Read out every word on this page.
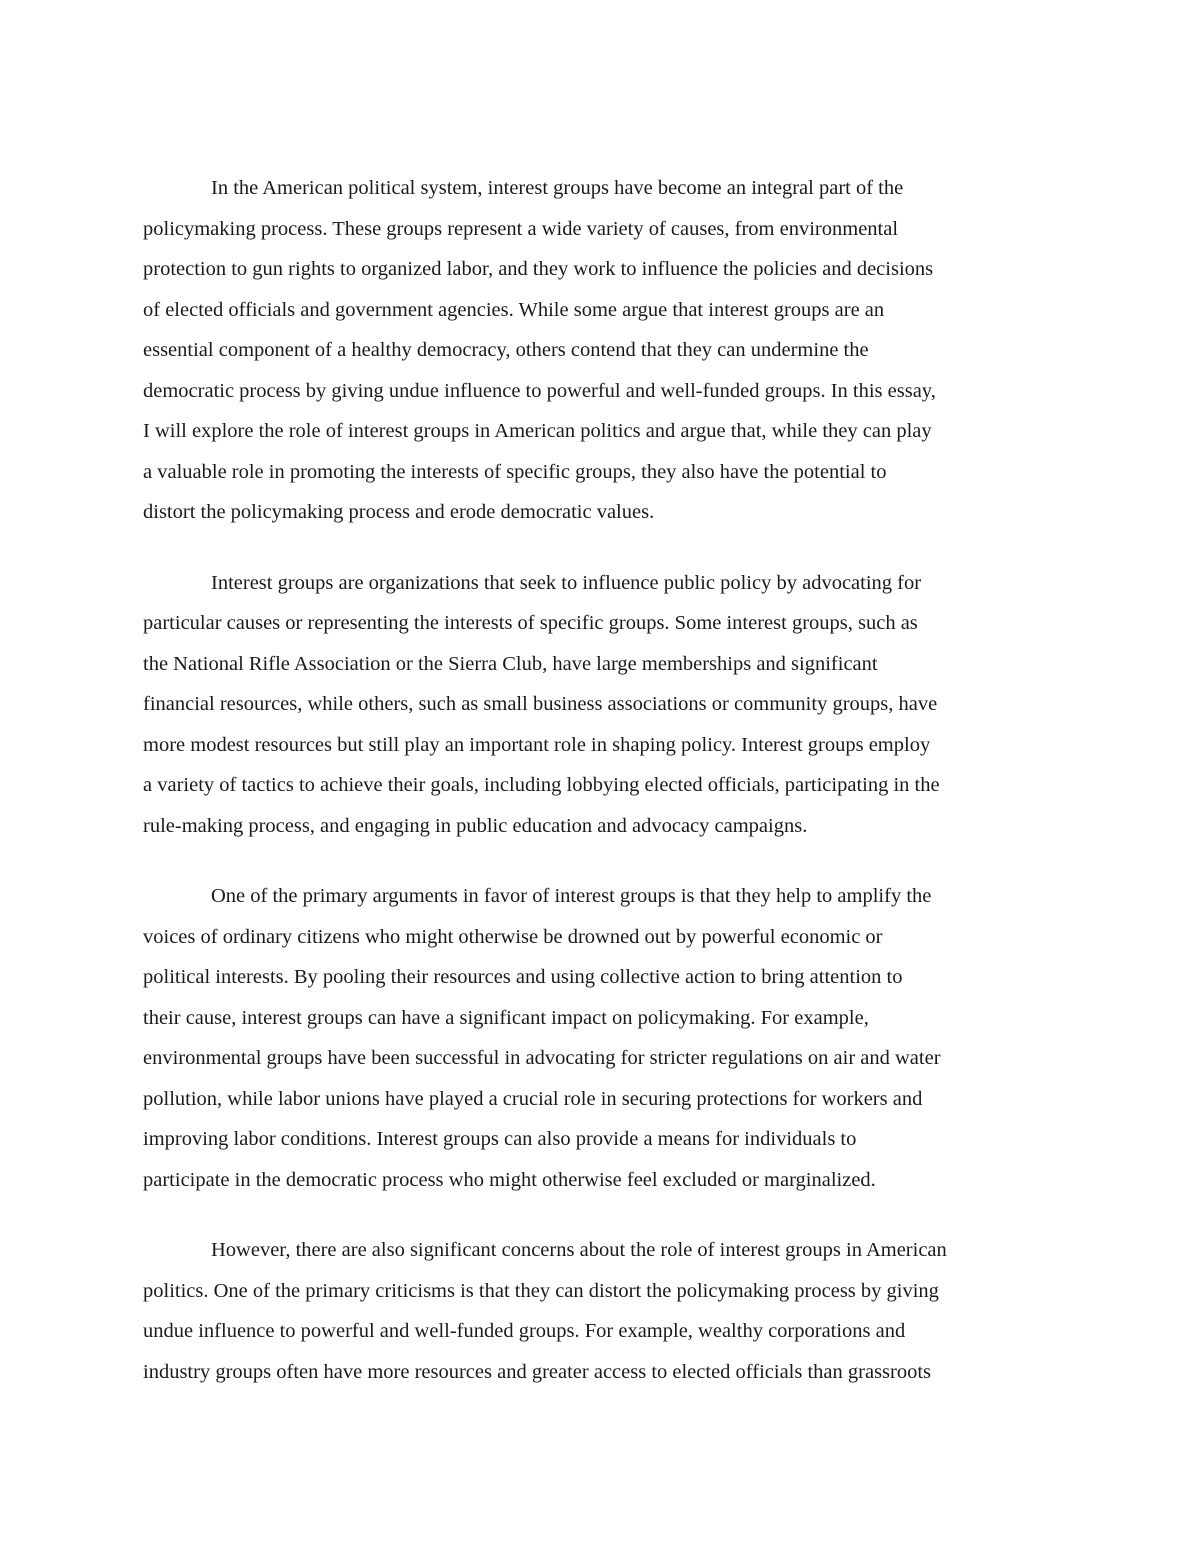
In the American political system, interest groups have become an integral part of the
policymaking process. These groups represent a wide variety of causes, from environmental
protection to gun rights to organized labor, and they work to influence the policies and decisions
of elected officials and government agencies. While some argue that interest groups are an
essential component of a healthy democracy, others contend that they can undermine the
democratic process by giving undue influence to powerful and well-funded groups. In this essay,
I will explore the role of interest groups in American politics and argue that, while they can play
a valuable role in promoting the interests of specific groups, they also have the potential to
distort the policymaking process and erode democratic values.

Interest groups are organizations that seek to influence public policy by advocating for
particular causes or representing the interests of specific groups. Some interest groups, such as
the National Rifle Association or the Sierra Club, have large memberships and significant
financial resources, while others, such as small business associations or community groups, have
more modest resources but still play an important role in shaping policy. Interest groups employ
a variety of tactics to achieve their goals, including lobbying elected officials, participating in the
rule-making process, and engaging in public education and advocacy campaigns.

One of the primary arguments in favor of interest groups is that they help to amplify the
voices of ordinary citizens who might otherwise be drowned out by powerful economic or
political interests. By pooling their resources and using collective action to bring attention to
their cause, interest groups can have a significant impact on policymaking. For example,
environmental groups have been successful in advocating for stricter regulations on air and water
pollution, while labor unions have played a crucial role in securing protections for workers and
improving labor conditions. Interest groups can also provide a means for individuals to
participate in the democratic process who might otherwise feel excluded or marginalized.

However, there are also significant concerns about the role of interest groups in American
politics. One of the primary criticisms is that they can distort the policymaking process by giving
undue influence to powerful and well-funded groups. For example, wealthy corporations and
industry groups often have more resources and greater access to elected officials than grassroots
